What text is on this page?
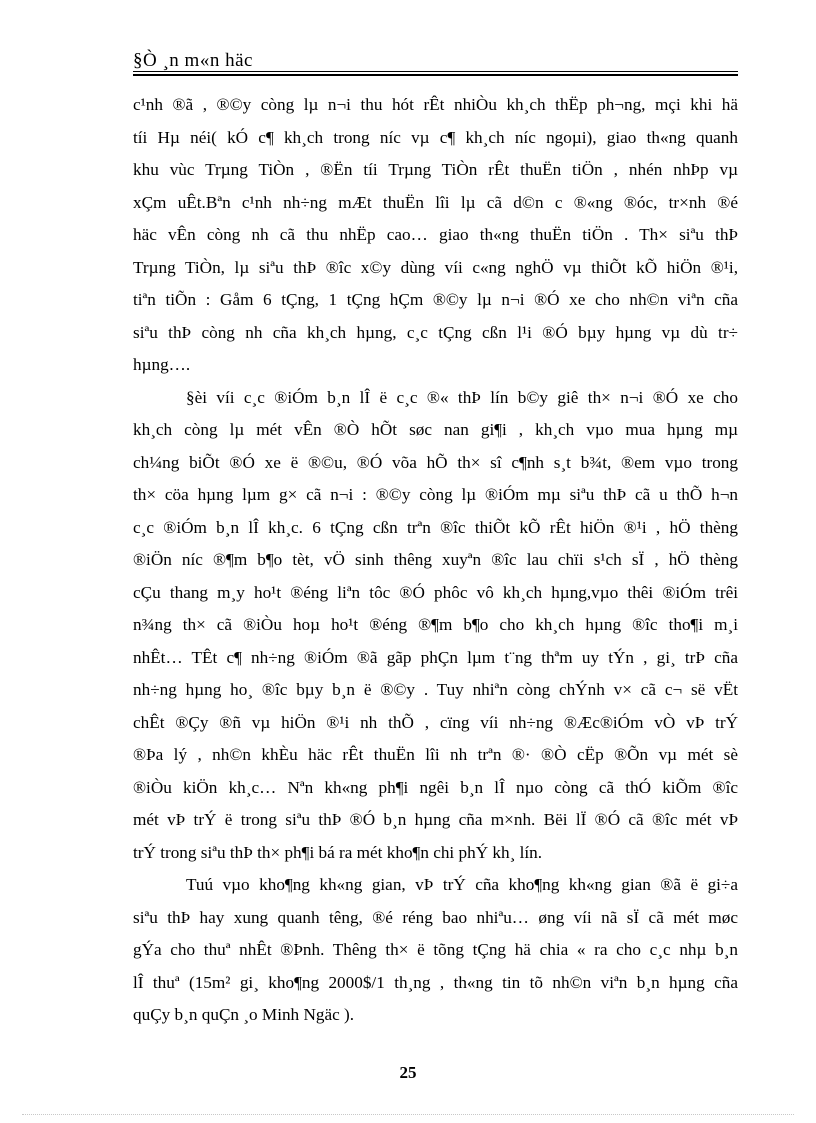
§Ò ¸n m«n häc
c¹nh ®ã , ®©y còng lµ n¬i thu hót rÊt nhiÒu kh¸ch thËp ph¬ng, mçi khi hä
tíi Hµ néi( kÓ c¶ kh¸ch trong níc vµ c¶ kh¸ch níc ngoµi), giao th«ng quanh
khu vùc Trµng TiÒn , ®Ën tíi Trµng TiÒn rÊt thuËn tiÖn , nhén nhÞp vµ
xÇm uÊt.Bªn c¹nh nh÷ng mÆt thuËn lîi lµ cã d©n c ®«ng ®óc, tr×nh ®é
häc vÊn còng nh cã thu nhËp cao… giao th«ng thuËn tiÖn . Th× siªu thÞ
Trµng TiÒn, lµ siªu thÞ ®îc x©y dùng víi c«ng nghÖ vµ thiÕt kÕ hiÖn ®¹i,
tiªn tiÕn : Gåm 6 tÇng, 1 tÇng hÇm ®©y lµ n¬i ®Ó xe cho nh©n viªn cña
siªu thÞ còng nh cña kh¸ch hµng, c¸c tÇng cßn l¹i ®Ó bµy hµng vµ dù tr÷
hµng….
§èi víi c¸c ®iÓm b¸n lÎ ë c¸c ®« thÞ lín b©y giê th× n¬i ®Ó xe cho
kh¸ch còng lµ mét vÊn ®Ò hÕt søc nan gi¶i , kh¸ch vµo mua hµng mµ
ch¼ng biÕt ®Ó xe ë ®©u, ®Ó võa hÕ th× sî c¶nh s¸t b¾t, ®em vµo trong
th× cöa hµng lµm g× cã n¬i : ®©y còng lµ ®iÓm mµ siªu thÞ cã u thÕ h¬n
c¸c ®iÓm b¸n lÎ kh¸c. 6 tÇng cßn trªn ®îc thiÕt kÕ rÊt hiÖn ®¹i , hÖ thèng
®iÖn níc ®¶m b¶o tèt, vÖ sinh thêng xuyªn ®îc lau chïi s¹ch sÏ , hÖ thèng
cÇu thang m¸y ho¹t ®éng liªn tôc ®Ó phôc vô kh¸ch hµng,vµo thêi ®iÓm trêi
n¾ng th× cã ®iÒu hoµ ho¹t ®éng ®¶m b¶o cho kh¸ch hµng ®îc tho¶i m¸i
nhÊt… TÊt c¶ nh÷ng ®iÓm ®ã gãp phÇn lµm t¨ng thªm uy tÝn , gi¸ trÞ cña
nh÷ng hµng ho¸ ®îc bµy b¸n ë ®©y . Tuy nhiªn còng chÝnh v× cã c¬ së vËt
chÊt ®Çy ®ñ vµ hiÖn ®¹i nh thÕ , cïng víi nh÷ng ®Æc®iÓm vÒ vÞ trÝ
®Þa lý , nh©n khÈu häc rÊt thuËn lîi nh trªn ®· ®Ò cËp ®Õn vµ mét sè
®iÒu kiÖn kh¸c… Nªn kh«ng ph¶i ngêi b¸n lÎ nµo còng cã thÓ kiÕm ®îc
mét vÞ trÝ ë trong siªu thÞ ®Ó b¸n hµng cña m×nh. Bëi lÏ ®Ó cã ®îc mét vÞ
trÝ trong siªu thÞ th× ph¶i bá ra mét kho¶n chi phÝ kh¸ lín.
Tuú vµo kho¶ng kh«ng gian, vÞ trÝ cña kho¶ng kh«ng gian ®ã ë gi÷a
siªu thÞ hay xung quanh têng, ®é réng bao nhiªu… øng víi nã sÏ cã mét møc
gÝa cho thuª nhÊt ®Þnh. Thêng th× ë tõng tÇng hä chia « ra cho c¸c nhµ b¸n
lÎ thuª (15m² gi¸ kho¶ng 2000$/1 th¸ng , th«ng tin tõ nh©n viªn b¸n hµng cña
quÇy b¸n quÇn ¸o Minh Ngäc ).
25
